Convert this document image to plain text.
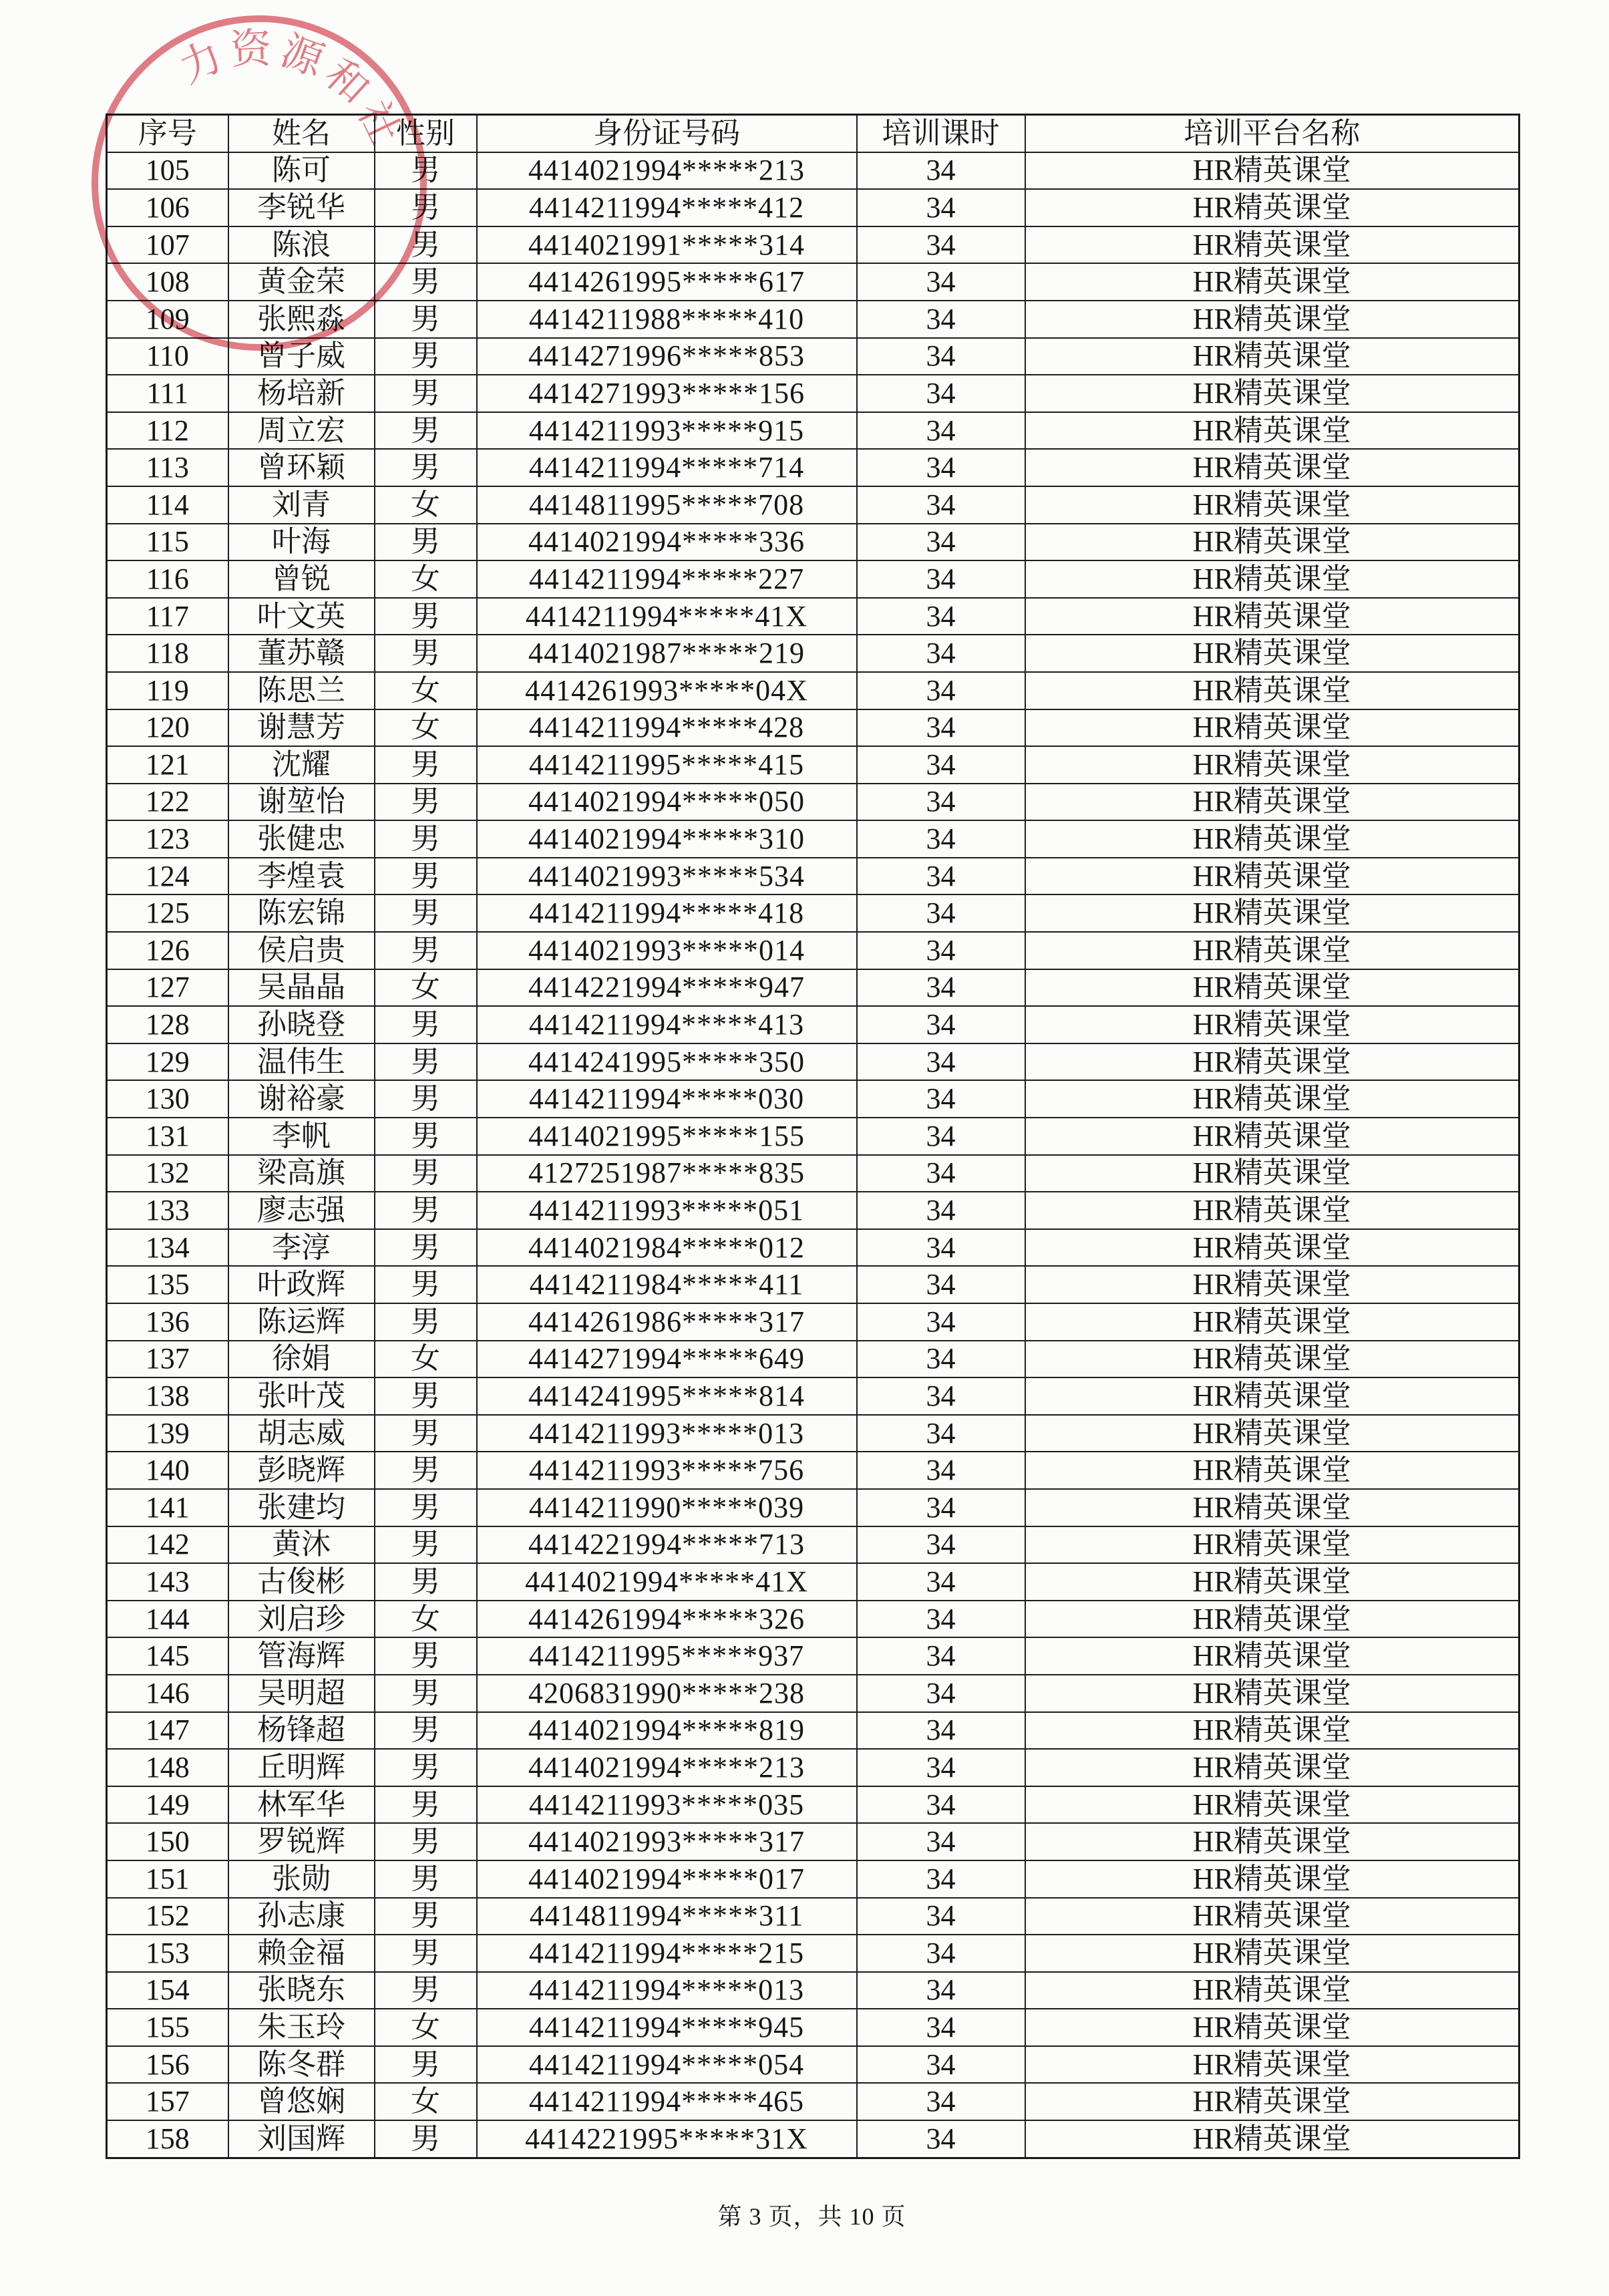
序号	姓名	性别	身份证号码	培训课时	培训平台名称
105	陈可	男	4414021994*****213	34	HR精英课堂
106	李锐华	男	4414211994*****412	34	HR精英课堂
107	陈浪	男	4414021991*****314	34	HR精英课堂
108	黄金荣	男	4414261995*****617	34	HR精英课堂
109	张熙淼	男	4414211988*****410	34	HR精英课堂
110	曾子威	男	4414271996*****853	34	HR精英课堂
111	杨培新	男	4414271993*****156	34	HR精英课堂
112	周立宏	男	4414211993*****915	34	HR精英课堂
113	曾环颖	男	4414211994*****714	34	HR精英课堂
114	刘青	女	4414811995*****708	34	HR精英课堂
115	叶海	男	4414021994*****336	34	HR精英课堂
116	曾锐	女	4414211994*****227	34	HR精英课堂
117	叶文英	男	4414211994*****41X	34	HR精英课堂
118	董苏赣	男	4414021987*****219	34	HR精英课堂
119	陈思兰	女	4414261993*****04X	34	HR精英课堂
120	谢慧芳	女	4414211994*****428	34	HR精英课堂
121	沈耀	男	4414211995*****415	34	HR精英课堂
122	谢堃怡	男	4414021994*****050	34	HR精英课堂
123	张健忠	男	4414021994*****310	34	HR精英课堂
124	李煌袁	男	4414021993*****534	34	HR精英课堂
125	陈宏锦	男	4414211994*****418	34	HR精英课堂
126	侯启贵	男	4414021993*****014	34	HR精英课堂
127	吴晶晶	女	4414221994*****947	34	HR精英课堂
128	孙晓登	男	4414211994*****413	34	HR精英课堂
129	温伟生	男	4414241995*****350	34	HR精英课堂
130	谢裕豪	男	4414211994*****030	34	HR精英课堂
131	李帆	男	4414021995*****155	34	HR精英课堂
132	梁高旗	男	4127251987*****835	34	HR精英课堂
133	廖志强	男	4414211993*****051	34	HR精英课堂
134	李淳	男	4414021984*****012	34	HR精英课堂
135	叶政辉	男	4414211984*****411	34	HR精英课堂
136	陈运辉	男	4414261986*****317	34	HR精英课堂
137	徐娟	女	4414271994*****649	34	HR精英课堂
138	张叶茂	男	4414241995*****814	34	HR精英课堂
139	胡志威	男	4414211993*****013	34	HR精英课堂
140	彭晓辉	男	4414211993*****756	34	HR精英课堂
141	张建均	男	4414211990*****039	34	HR精英课堂
142	黄沐	男	4414221994*****713	34	HR精英课堂
143	古俊彬	男	4414021994*****41X	34	HR精英课堂
144	刘启珍	女	4414261994*****326	34	HR精英课堂
145	管海辉	男	4414211995*****937	34	HR精英课堂
146	吴明超	男	4206831990*****238	34	HR精英课堂
147	杨锋超	男	4414021994*****819	34	HR精英课堂
148	丘明辉	男	4414021994*****213	34	HR精英课堂
149	林军华	男	4414211993*****035	34	HR精英课堂
150	罗锐辉	男	4414021993*****317	34	HR精英课堂
151	张勋	男	4414021994*****017	34	HR精英课堂
152	孙志康	男	4414811994*****311	34	HR精英课堂
153	赖金福	男	4414211994*****215	34	HR精英课堂
154	张晓东	男	4414211994*****013	34	HR精英课堂
155	朱玉玲	女	4414211994*****945	34	HR精英课堂
156	陈冬群	男	4414211994*****054	34	HR精英课堂
157	曾悠娴	女	4414211994*****465	34	HR精英课堂
158	刘国辉	男	4414221995*****31X	34	HR精英课堂
第 3 页，共 10 页
力资源和社
